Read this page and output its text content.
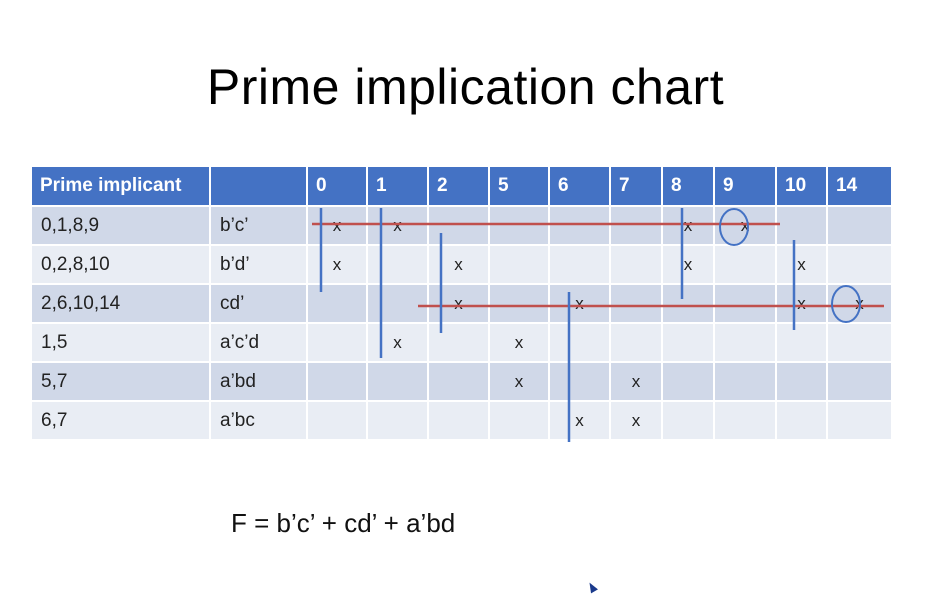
Prime implication chart
Prime implicant		0	1	2	5	6	7	8	9	10	14
0,1,8,9	b’c’	x	x					x	x		
0,2,8,10	b’d’	x		x				x		x	
2,6,10,14	cd’			x		x				x	x
1,5	a’c’d		x		x						
5,7	a’bd				x		x				
6,7	a’bc					x	x				
F = b’c’ + cd’ + a’bd
